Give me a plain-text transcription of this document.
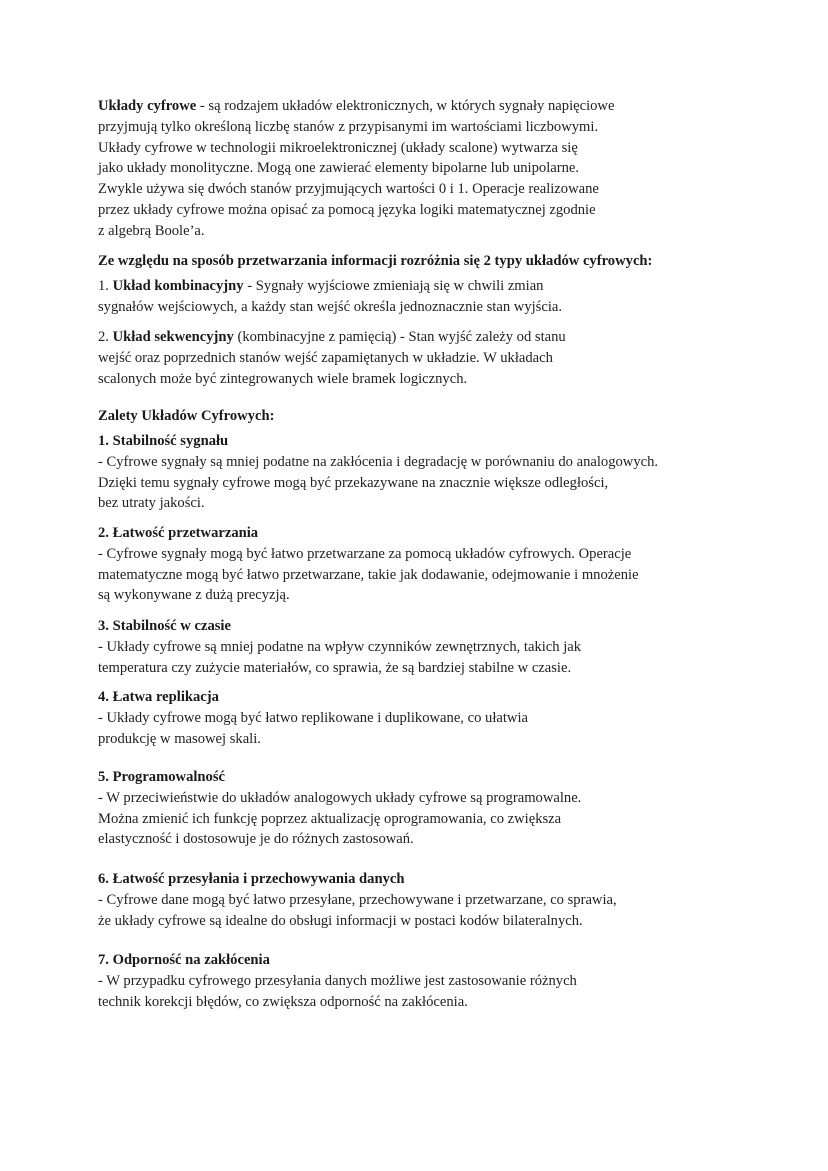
Układy cyfrowe - są rodzajem układów elektronicznych, w których sygnały napięciowe
przyjmują tylko określoną liczbę stanów z przypisanymi im wartościami liczbowymi.
Układy cyfrowe w technologii mikroelektronicznej (układy scalone) wytwarza się
jako układy monolityczne. Mogą one zawierać elementy bipolarne lub unipolarne.
Zwykle używa się dwóch stanów przyjmujących wartości 0 i 1. Operacje realizowane
przez układy cyfrowe można opisać za pomocą języka logiki matematycznej zgodnie
z algebrą Boole’a.
Ze względu na sposób przetwarzania informacji rozróżnia się 2 typy układów cyfrowych:
1. Układ kombinacyjny - Sygnały wyjściowe zmieniają się w chwili zmian
sygnałów wejściowych, a każdy stan wejść określa jednoznacznie stan wyjścia.
2. Układ sekwencyjny (kombinacyjne z pamięcią) - Stan wyjść zależy od stanu
wejść oraz poprzednich stanów wejść zapamiętanych w układzie. W układach
scalonych może być zintegrowanych wiele bramek logicznych.
Zalety Układów Cyfrowych:
1. Stabilność sygnału
- Cyfrowe sygnały są mniej podatne na zakłócenia i degradację w porównaniu do analogowych.
Dzięki temu sygnały cyfrowe mogą być przekazywane na znacznie większe odległości,
bez utraty jakości.
2. Łatwość przetwarzania
- Cyfrowe sygnały mogą być łatwo przetwarzane za pomocą układów cyfrowych. Operacje
matematyczne mogą być łatwo przetwarzane, takie jak dodawanie, odejmowanie i mnożenie
są wykonywane z dużą precyzją.
3. Stabilność w czasie
- Układy cyfrowe są mniej podatne na wpływ czynników zewnętrznych, takich jak
temperatura czy zużycie materiałów, co sprawia, że są bardziej stabilne w czasie.
4. Łatwa replikacja
- Układy cyfrowe mogą być łatwo replikowane i duplikowane, co ułatwia
produkcję w masowej skali.
5. Programowalność
- W przeciwieństwie do układów analogowych układy cyfrowe są programowalne.
Można zmienić ich funkcję poprzez aktualizację oprogramowania, co zwiększa
elastyczność i dostosowuje je do różnych zastosowań.
6. Łatwość przesyłania i przechowywania danych
- Cyfrowe dane mogą być łatwo przesyłane, przechowywane i przetwarzane, co sprawia,
że układy cyfrowe są idealne do obsługi informacji w postaci kodów bilateralnych.
7. Odporność na zakłócenia
- W przypadku cyfrowego przesyłania danych możliwe jest zastosowanie różnych
technik korekcji błędów, co zwiększa odporność na zakłócenia.
